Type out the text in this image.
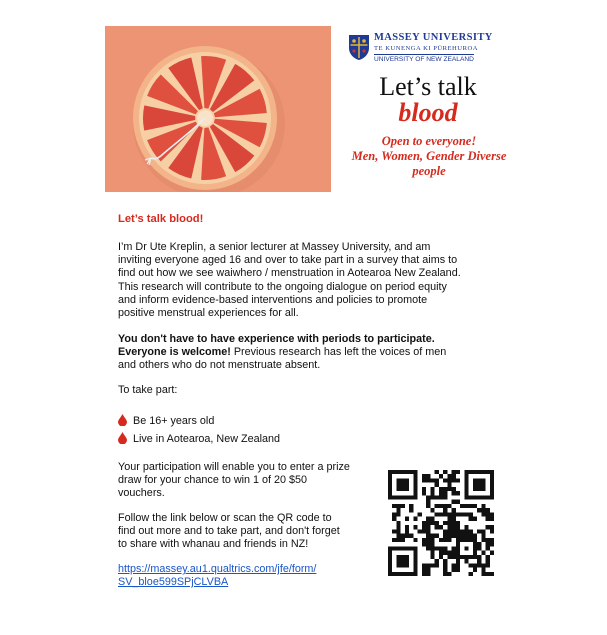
MASSEY UNIVERSITY
TE KUNENGA KI PŪREHUROA
UNIVERSITY OF NEW ZEALAND
Let’s talk
blood
Open to everyone!
Men, Women, Gender Diverse
people
Let’s talk blood!
I’m Dr Ute Kreplin, a senior lecturer at Massey University, and am
inviting everyone aged 16 and over to take part in a survey that aims to
find out how we see waiwhero / menstruation in Aotearoa New Zealand.
This research will contribute to the ongoing dialogue on period equity
and inform evidence-based interventions and policies to promote
positive menstrual experiences for all.
You don't have to have experience with periods to participate.
Everyone is welcome! Previous research has left the voices of men
and others who do not menstruate absent.
To take part:
Be 16+ years old
Live in Aotearoa, New Zealand
Your participation will enable you to enter a prize
draw for your chance to win 1 of 20 $50
vouchers.
Follow the link below or scan the QR code to
find out more and to take part, and don't forget
to share with whanau and friends in NZ!
https://massey.au1.qualtrics.com/jfe/form/
SV_bloe599SPjCLVBA
